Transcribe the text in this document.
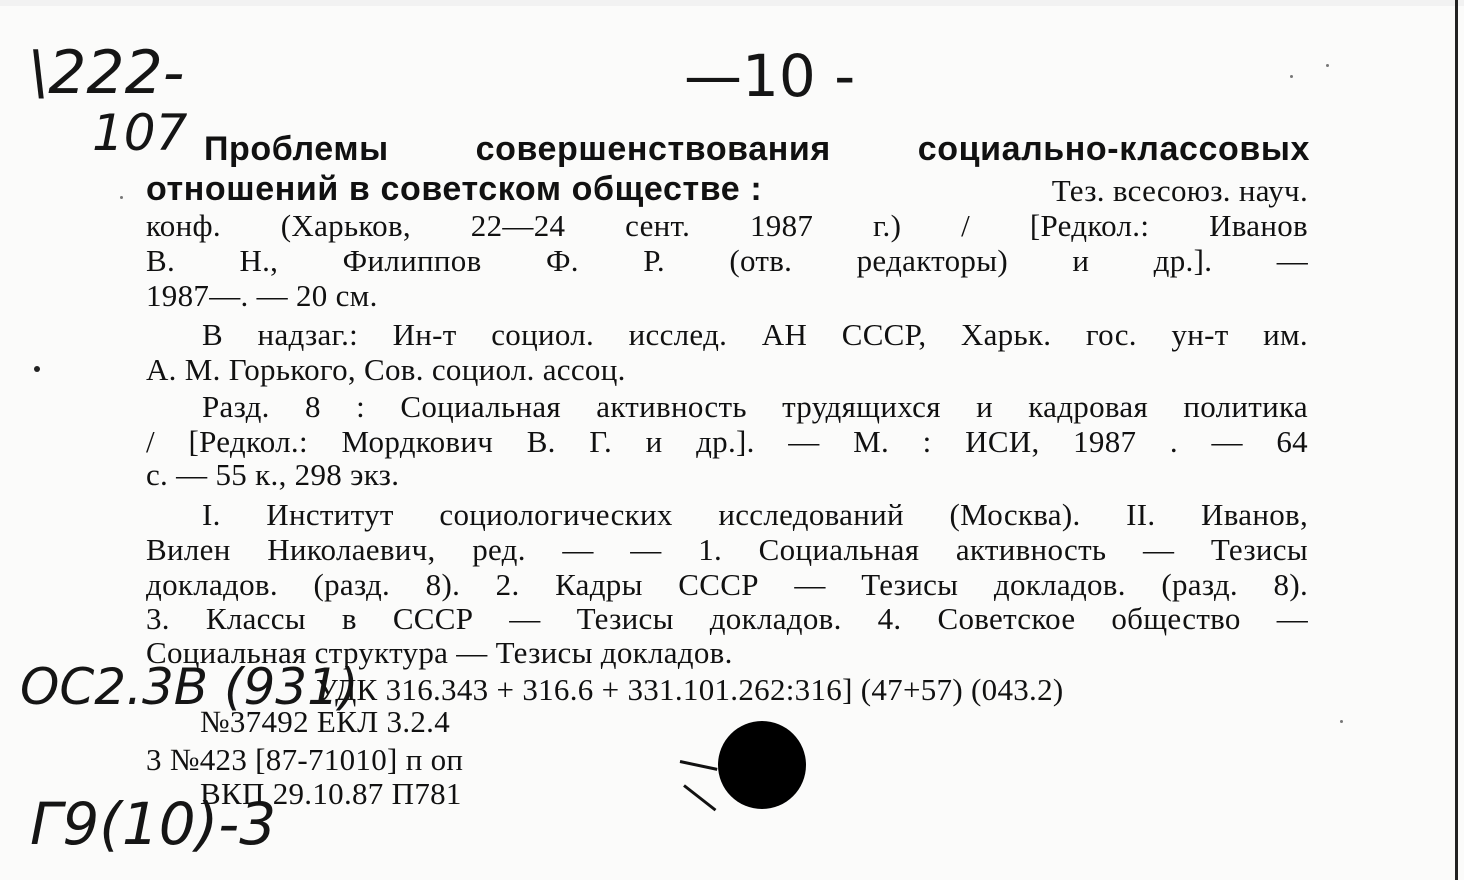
\222-
107
—10 -
ОС2.3В (931)
Г9(10)-3
Проблемы совершенствования социально-классовых
отношений в советском обществе :	Тез. всесоюз. науч.
конф. (Харьков, 22—24 сент. 1987 г.) / [Редкол.: Иванов
В. Н., Филиппов Ф. Р. (отв. редакторы) и др.]. —
1987—. — 20 см.
В надзаг.: Ин-т социол. исслед. АН СССР, Харьк. гос. ун-т им.
А. М. Горького, Сов. социол. ассоц.
Разд. 8 : Социальная активность трудящихся и кадровая политика
/ [Редкол.: Мордкович В. Г. и др.]. — М. : ИСИ, 1987 . — 64
с. — 55 к., 298 экз.
I. Институт социологических исследований (Москва). II. Иванов,
Вилен Николаевич, ред. — — 1. Социальная активность — Тезисы
докладов. (разд. 8). 2. Кадры СССР — Тезисы докладов. (разд. 8).
3. Классы в СССР — Тезисы докладов. 4. Советское общество —
Социальная структура — Тезисы докладов.
УДК 316.343 + 316.6 + 331.101.262:316] (47+57) (043.2)
№37492 ЕКЛ 3.2.4
3 №423 [87-71010] п оп
ВКП 29.10.87 П781
